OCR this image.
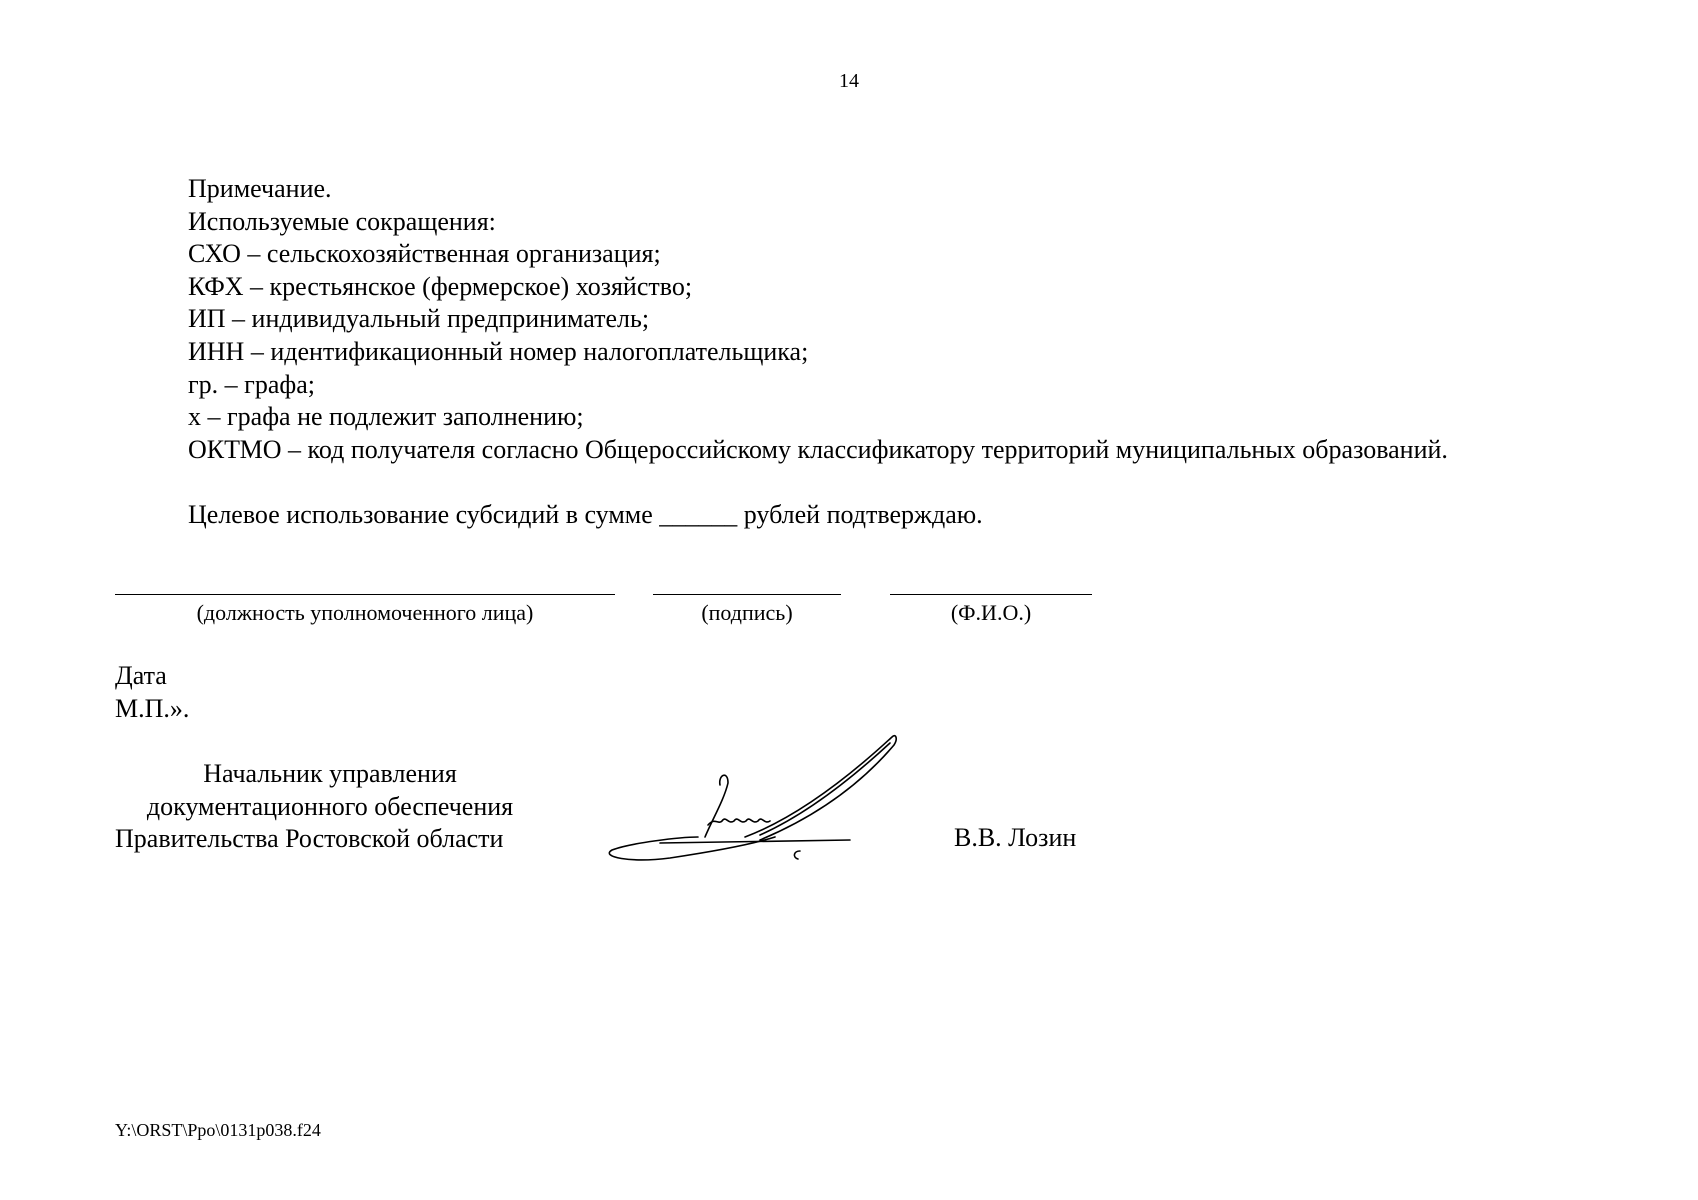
14
Примечание.
Используемые сокращения:
СХО – сельскохозяйственная организация;
КФХ – крестьянское (фермерское) хозяйство;
ИП – индивидуальный предприниматель;
ИНН – идентификационный номер налогоплательщика;
гр. – графа;
х – графа не подлежит заполнению;
ОКТМО – код получателя согласно Общероссийскому классификатору территорий муниципальных образований.
Целевое использование субсидий в сумме ______ рублей подтверждаю.
(должность уполномоченного лица)	(подпись)	(Ф.И.О.)
Дата
М.П.».
Начальник управления
документационного обеспечения
Правительства Ростовской области	В.В. Лозин
Y:\ORST\Ppo\0131p038.f24
